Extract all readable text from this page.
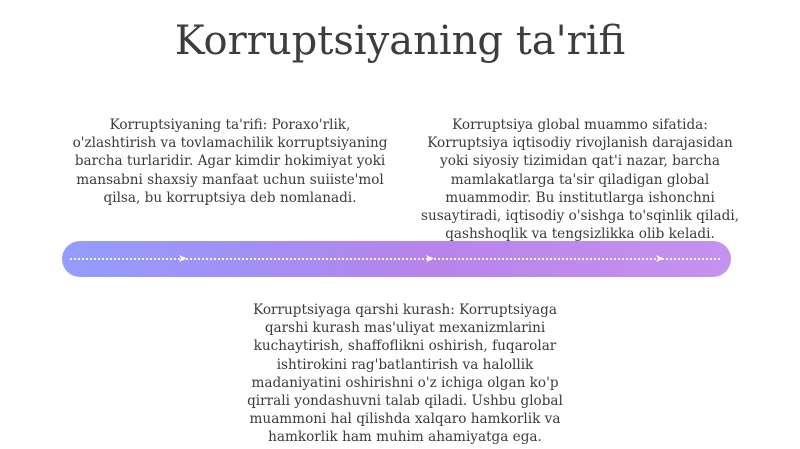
Korruptsiyaning ta'rifi
➤	➤	➤
Korruptsiyaning ta'rifi: Poraxo'rlik, o'zlashtirish va tovlamachilik korruptsiyaning barcha turlaridir. Agar kimdir hokimiyat yoki mansabni shaxsiy manfaat uchun suiiste'mol qilsa, bu korruptsiya deb nomlanadi.
Korruptsiya global muammo sifatida: Korruptsiya iqtisodiy rivojlanish darajasidan yoki siyosiy tizimidan qat'i nazar, barcha mamlakatlarga ta'sir qiladigan global muammodir. Bu institutlarga ishonchni susaytiradi, iqtisodiy o'sishga to'sqinlik qiladi, qashshoqlik va tengsizlikka olib keladi.
Korruptsiyaga qarshi kurash: Korruptsiyaga qarshi kurash mas'uliyat mexanizmlarini kuchaytirish, shaffoflikni oshirish, fuqarolar ishtirokini rag'batlantirish va halollik madaniyatini oshirishni o'z ichiga olgan ko'p qirrali yondashuvni talab qiladi. Ushbu global muammoni hal qilishda xalqaro hamkorlik va hamkorlik ham muhim ahamiyatga ega.
